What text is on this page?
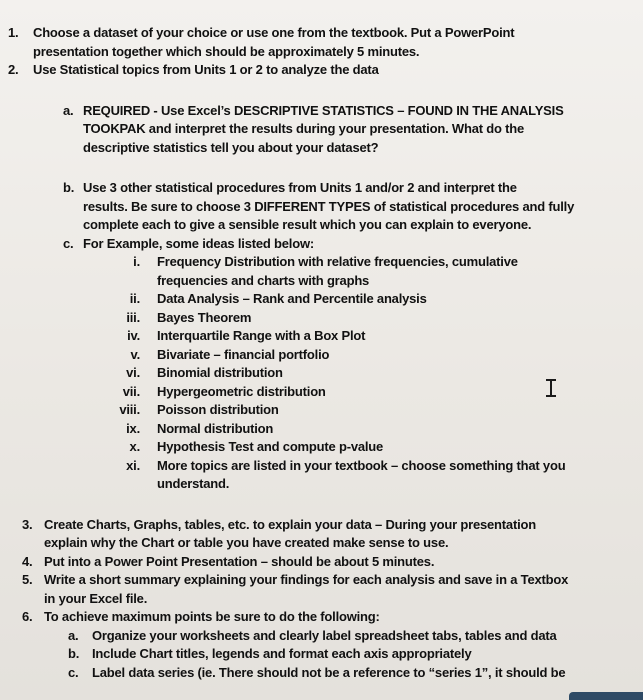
1. Choose a dataset of your choice or use one from the textbook. Put a PowerPoint
presentation together which should be approximately 5 minutes.
2. Use Statistical topics from Units 1 or 2 to analyze the data
a. REQUIRED - Use Excel’s DESCRIPTIVE STATISTICS – FOUND IN THE ANALYSIS
TOOKPAK and interpret the results during your presentation. What do the
descriptive statistics tell you about your dataset?
b. Use 3 other statistical procedures from Units 1 and/or 2 and interpret the
results. Be sure to choose 3 DIFFERENT TYPES of statistical procedures and fully
complete each to give a sensible result which you can explain to everyone.
c. For Example, some ideas listed below:
i. Frequency Distribution with relative frequencies, cumulative
frequencies and charts with graphs
ii. Data Analysis – Rank and Percentile analysis
iii. Bayes Theorem
iv. Interquartile Range with a Box Plot
v. Bivariate – financial portfolio
vi. Binomial distribution
vii. Hypergeometric distribution
viii. Poisson distribution
ix. Normal distribution
x. Hypothesis Test and compute p-value
xi. More topics are listed in your textbook – choose something that you
understand.
3. Create Charts, Graphs, tables, etc. to explain your data – During your presentation
explain why the Chart or table you have created make sense to use.
4. Put into a Power Point Presentation – should be about 5 minutes.
5. Write a short summary explaining your findings for each analysis and save in a Textbox
in your Excel file.
6. To achieve maximum points be sure to do the following:
a. Organize your worksheets and clearly label spreadsheet tabs, tables and data
b. Include Chart titles, legends and format each axis appropriately
c. Label data series (ie. There should not be a reference to “series 1”, it should be
